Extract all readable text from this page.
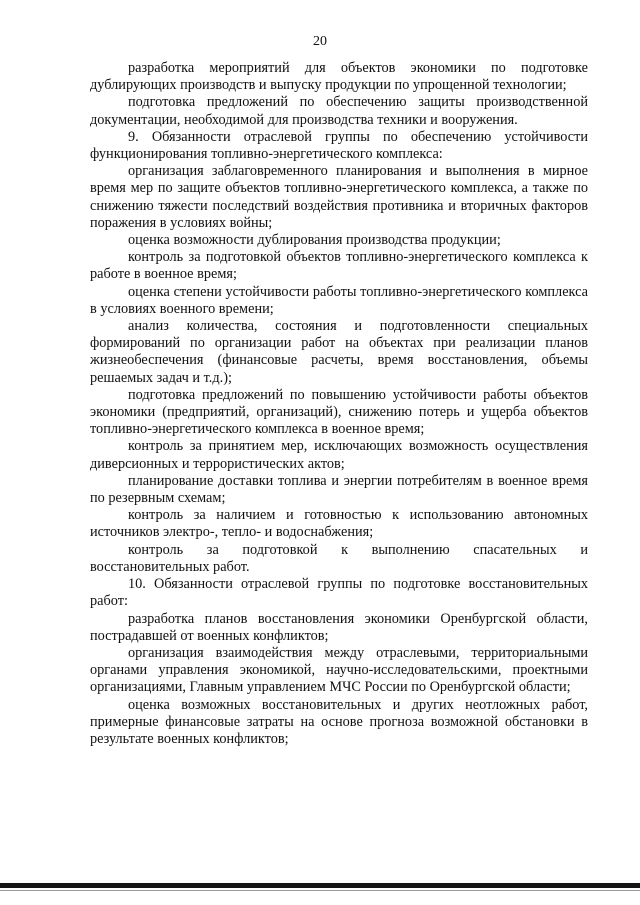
20

разработка мероприятий для объектов экономики по подготовке дублирующих производств и выпуску продукции по упрощенной технологии;

подготовка предложений по обеспечению защиты производственной документации, необходимой для производства техники и вооружения.

9. Обязанности отраслевой группы по обеспечению устойчивости функционирования топливно-энергетического комплекса:

организация заблаговременного планирования и выполнения в мирное время мер по защите объектов топливно-энергетического комплекса, а также по снижению тяжести последствий воздействия противника и вторичных факторов поражения в условиях войны;

оценка возможности дублирования производства продукции;

контроль за подготовкой объектов топливно-энергетического комплекса к работе в военное время;

оценка степени устойчивости работы топливно-энергетического комплекса в условиях военного времени;

анализ количества, состояния и подготовленности специальных формирований по организации работ на объектах при реализации планов жизнеобеспечения (финансовые расчеты, время восстановления, объемы решаемых задач и т.д.);

подготовка предложений по повышению устойчивости работы объектов экономики (предприятий, организаций), снижению потерь и ущерба объектов топливно-энергетического комплекса в военное время;

контроль за принятием мер, исключающих возможность осуществления диверсионных и террористических актов;

планирование доставки топлива и энергии потребителям в военное время по резервным схемам;

контроль за наличием и готовностью к использованию автономных источников электро-, тепло- и водоснабжения;

контроль за подготовкой к выполнению спасательных и восстановительных работ.

10. Обязанности отраслевой группы по подготовке восстановительных работ:

разработка планов восстановления экономики Оренбургской области, пострадавшей от военных конфликтов;

организация взаимодействия между отраслевыми, территориальными органами управления экономикой, научно-исследовательскими, проектными организациями, Главным управлением МЧС России по Оренбургской области;

оценка возможных восстановительных и других неотложных работ, примерные финансовые затраты на основе прогноза возможной обстановки в результате военных конфликтов;
